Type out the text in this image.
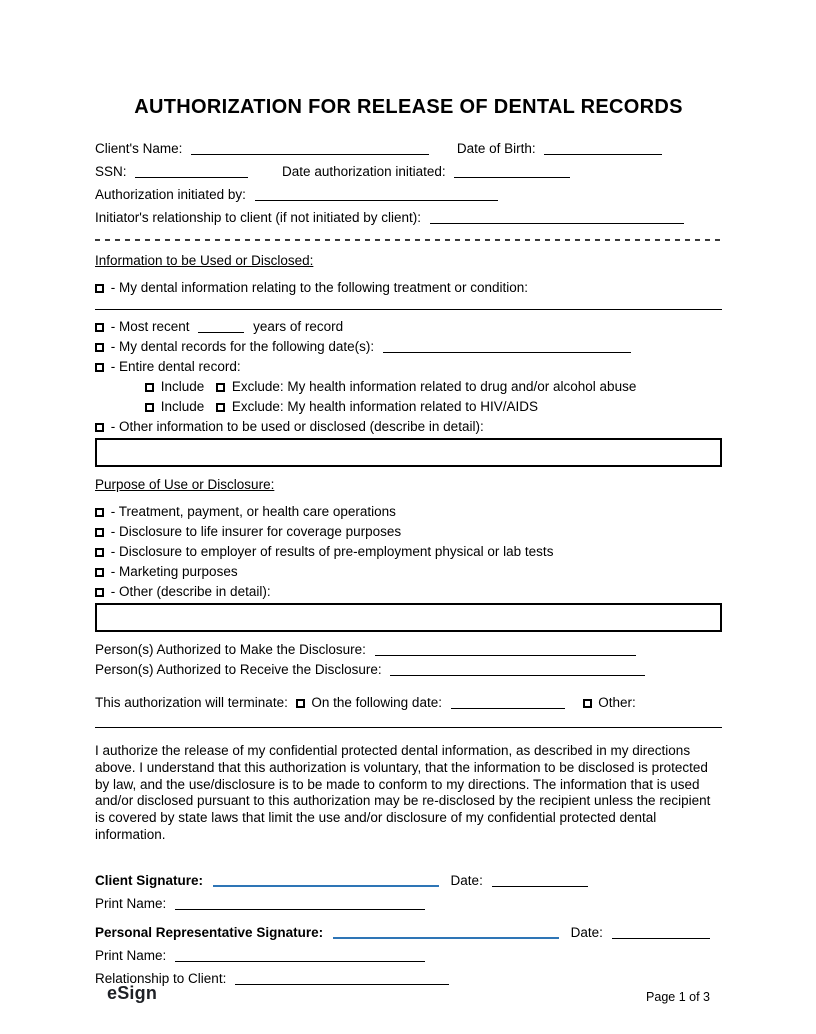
AUTHORIZATION FOR RELEASE OF DENTAL RECORDS
Client's Name:	Date of Birth:
SSN:	Date authorization initiated:
Authorization initiated by:
Initiator's relationship to client (if not initiated by client):
Information to be Used or Disclosed:
- My dental information relating to the following treatment or condition:
- Most recent	years of record
- My dental records for the following date(s):
- Entire dental record:
Include Exclude: My health information related to drug and/or alcohol abuse
Include Exclude: My health information related to HIV/AIDS
- Other information to be used or disclosed (describe in detail):
Purpose of Use or Disclosure:
- Treatment, payment, or health care operations
- Disclosure to life insurer for coverage purposes
- Disclosure to employer of results of pre-employment physical or lab tests
- Marketing purposes
- Other (describe in detail):
Person(s) Authorized to Make the Disclosure:
Person(s) Authorized to Receive the Disclosure:
This authorization will terminate: On the following date:	Other:
I authorize the release of my confidential protected dental information, as described in my directions above. I understand that this authorization is voluntary, that the information to be disclosed is protected by law, and the use/disclosure is to be made to conform to my directions. The information that is used and/or disclosed pursuant to this authorization may be re-disclosed by the recipient unless the recipient is covered by state laws that limit the use and/or disclosure of my confidential protected dental information.
Client Signature:	Date:
Print Name:
Personal Representative Signature:	Date:
Print Name:
Relationship to Client:
eSign	Page 1 of 3
